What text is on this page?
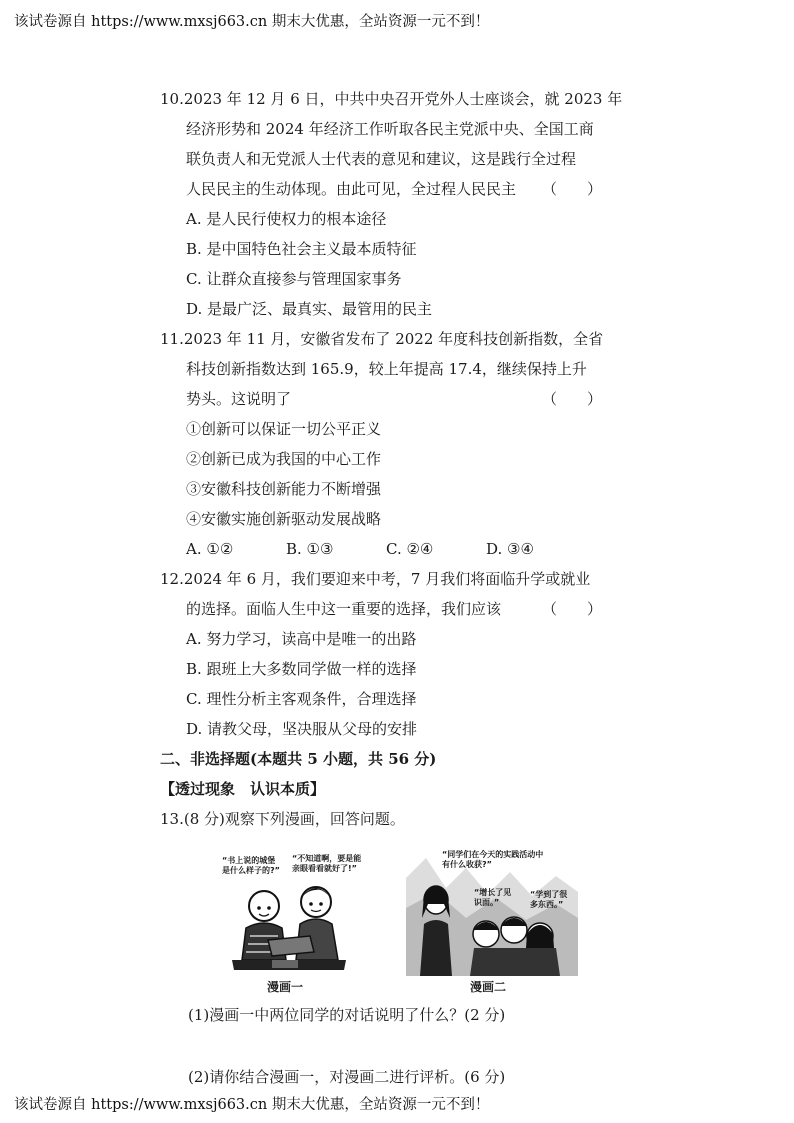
该试卷源自 https://www.mxsj663.cn 期末大优惠，全站资源一元不到！
10.2023 年 12 月 6 日，中共中央召开党外人士座谈会，就 2023 年
经济形势和 2024 年经济工作听取各民主党派中央、全国工商
联负责人和无党派人士代表的意见和建议，这是践行全过程
人民民主的生动体现。由此可见，全过程人民民主 （　　）
A. 是人民行使权力的根本途径
B. 是中国特色社会主义最本质特征
C. 让群众直接参与管理国家事务
D. 是最广泛、最真实、最管用的民主
11.2023 年 11 月，安徽省发布了 2022 年度科技创新指数，全省
科技创新指数达到 165.9，较上年提高 17.4，继续保持上升
势头。这说明了	（　　）
①创新可以保证一切公平正义
②创新已成为我国的中心工作
③安徽科技创新能力不断增强
④安徽实施创新驱动发展战略
A. ①②	B. ①③	C. ②④	D. ③④
12.2024 年 6 月，我们要迎来中考，7 月我们将面临升学或就业
的选择。面临人生中这一重要的选择，我们应该	（　　）
A. 努力学习，读高中是唯一的出路
B. 跟班上大多数同学做一样的选择
C. 理性分析主客观条件，合理选择
D. 请教父母，坚决服从父母的安排
二、非选择题(本题共 5 小题，共 56 分)
【透过现象　认识本质】
13.(8 分)观察下列漫画，回答问题。
“书上说的城堡
是什么样子的?”
“不知道啊，要是能
亲眼看看就好了!”
漫画一
“同学们在今天的实践活动中
有什么收获?”
“增长了见
识面。”
“学到了很
多东西。”
漫画二
(1)漫画一中两位同学的对话说明了什么？(2 分)
(2)请你结合漫画一，对漫画二进行评析。(6 分)
该试卷源自 https://www.mxsj663.cn 期末大优惠，全站资源一元不到！
